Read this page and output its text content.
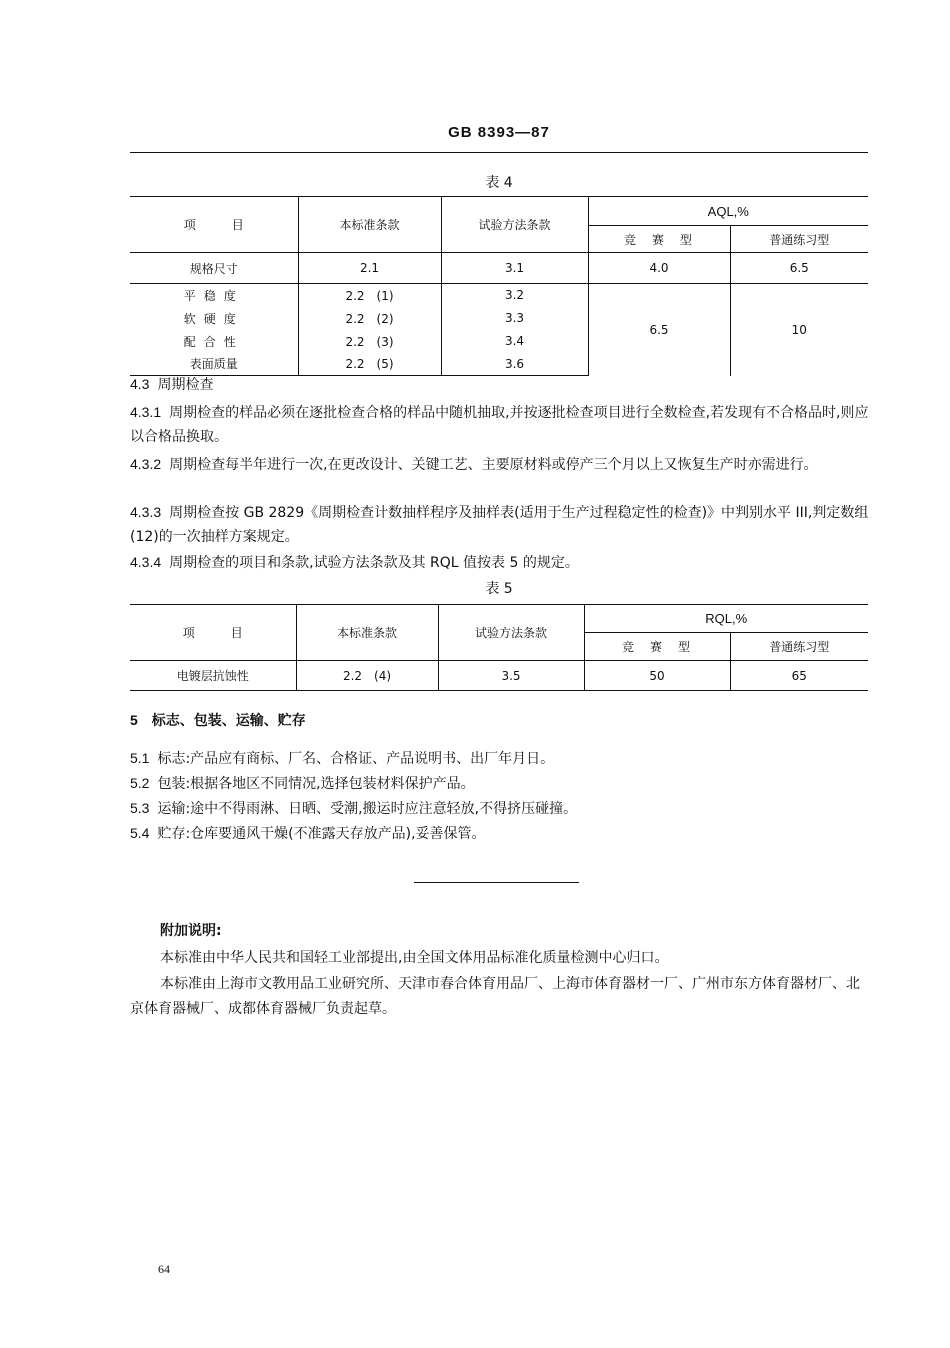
GB 8393—87
表 4
项　　　目	本标准条款	试验方法条款	AQL,%	
			竞　赛　型	普通练习型
规格尺寸	2.1	3.1	4.0	6.5
平稳度	2.2　(1)	3.2	6.5	10
软硬度	2.2　(2)	3.3		
配合性	2.2　(3)	3.4		
表面质量	2.2　(5)	3.6		

4.3 周期检查

4.3.1 周期检查的样品必须在逐批检查合格的样品中随机抽取,并按逐批检查项目进行全数检查,若发现有不合格品时,则应以合格品换取。

4.3.2 周期检查每半年进行一次,在更改设计、关键工艺、主要原材料或停产三个月以上又恢复生产时亦需进行。

4.3.3 周期检查按 GB 2829《周期检查计数抽样程序及抽样表(适用于生产过程稳定性的检查)》中判别水平 III,判定数组(12)的一次抽样方案规定。

4.3.4 周期检查的项目和条款,试验方法条款及其 RQL 值按表 5 的规定。

表 5
项　　　目	本标准条款	试验方法条款	RQL,%	
			竞　赛　型	普通练习型
电镀层抗蚀性	2.2　(4)	3.5	50	65

5 标志、包装、运输、贮存

5.1 标志:产品应有商标、厂名、合格证、产品说明书、出厂年月日。

5.2 包装:根据各地区不同情况,选择包装材料保护产品。

5.3 运输:途中不得雨淋、日晒、受潮,搬运时应注意轻放,不得挤压碰撞。

5.4 贮存:仓库要通风干燥(不准露天存放产品),妥善保管。

附加说明:

本标准由中华人民共和国轻工业部提出,由全国文体用品标准化质量检测中心归口。

本标准由上海市文教用品工业研究所、天津市春合体育用品厂、上海市体育器材一厂、广州市东方体育器材厂、北京体育器械厂、成都体育器械厂负责起草。

64
